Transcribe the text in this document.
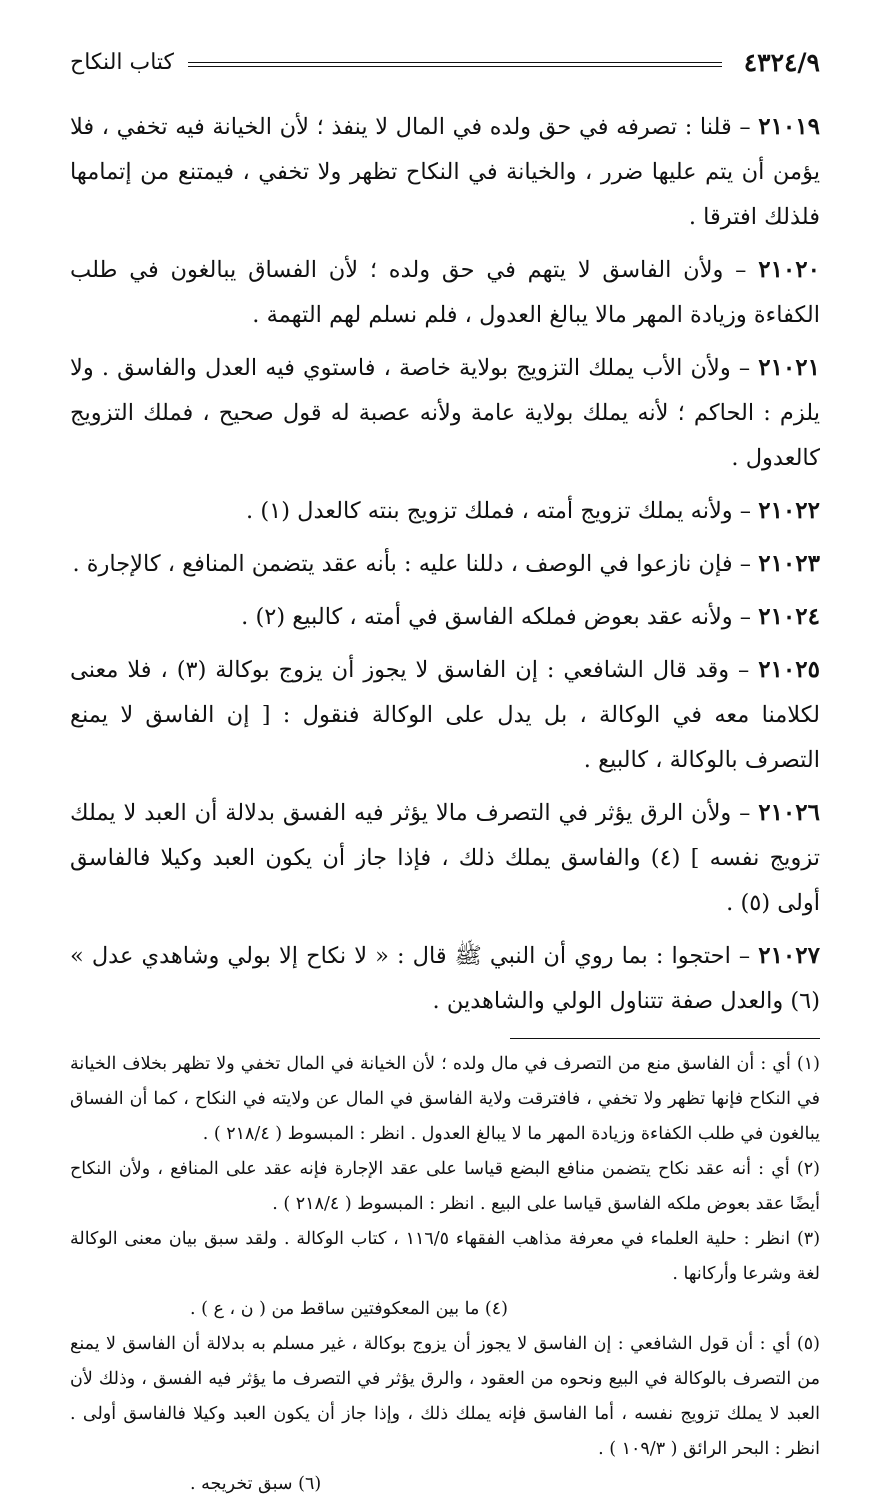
٤٣٢٤/٩
كتاب النكاح

٢١٠١٩ – قلنا : تصرفه في حق ولده في المال لا ينفذ ؛ لأن الخيانة فيه تخفي ، فلا يؤمن أن يتم عليها ضرر ، والخيانة في النكاح تظهر ولا تخفي ، فيمتنع من إتمامها فلذلك افترقا .

٢١٠٢٠ – ولأن الفاسق لا يتهم في حق ولده ؛ لأن الفساق يبالغون في طلب الكفاءة وزيادة المهر مالا يبالغ العدول ، فلم نسلم لهم التهمة .

٢١٠٢١ – ولأن الأب يملك التزويج بولاية خاصة ، فاستوي فيه العدل والفاسق . ولا يلزم : الحاكم ؛ لأنه يملك بولاية عامة ولأنه عصبة له قول صحيح ، فملك التزويج كالعدول .

٢١٠٢٢ – ولأنه يملك تزويج أمته ، فملك تزويج بنته كالعدل (١) .

٢١٠٢٣ – فإن نازعوا في الوصف ، دللنا عليه : بأنه عقد يتضمن المنافع ، كالإجارة .

٢١٠٢٤ – ولأنه عقد بعوض فملكه الفاسق في أمته ، كالبيع (٢) .

٢١٠٢٥ – وقد قال الشافعي : إن الفاسق لا يجوز أن يزوج بوكالة (٣) ، فلا معنى لكلامنا معه في الوكالة ، بل يدل على الوكالة فنقول : [ إن الفاسق لا يمنع التصرف بالوكالة ، كالبيع .

٢١٠٢٦ – ولأن الرق يؤثر في التصرف مالا يؤثر فيه الفسق بدلالة أن العبد لا يملك تزويج نفسه ] (٤) والفاسق يملك ذلك ، فإذا جاز أن يكون العبد وكيلا فالفاسق أولى (٥) .

٢١٠٢٧ – احتجوا : بما روي أن النبي ﷺ قال : « لا نكاح إلا بولي وشاهدي عدل » (٦) والعدل صفة تتناول الولي والشاهدين .

(١) أي : أن الفاسق منع من التصرف في مال ولده ؛ لأن الخيانة في المال تخفي ولا تظهر بخلاف الخيانة في النكاح فإنها تظهر ولا تخفي ، فافترقت ولاية الفاسق في المال عن ولايته في النكاح ، كما أن الفساق يبالغون في طلب الكفاءة وزيادة المهر ما لا يبالغ العدول . انظر : المبسوط ( ٢١٨/٤ ) .

(٢) أي : أنه عقد نكاح يتضمن منافع البضع قياسا على عقد الإجارة فإنه عقد على المنافع ، ولأن النكاح أيضًا عقد بعوض ملكه الفاسق قياسا على البيع . انظر : المبسوط ( ٢١٨/٤ ) .

(٣) انظر : حلية العلماء في معرفة مذاهب الفقهاء ١١٦/٥ ، كتاب الوكالة . ولقد سبق بيان معنى الوكالة لغة وشرعا وأركانها .

(٤) ما بين المعكوفتين ساقط من ( ن ، ع ) .

(٥) أي : أن قول الشافعي : إن الفاسق لا يجوز أن يزوج بوكالة ، غير مسلم به بدلالة أن الفاسق لا يمنع من التصرف بالوكالة في البيع ونحوه من العقود ، والرق يؤثر في التصرف ما يؤثر فيه الفسق ، وذلك لأن العبد لا يملك تزويج نفسه ، أما الفاسق فإنه يملك ذلك ، وإذا جاز أن يكون العبد وكيلا فالفاسق أولى . انظر : البحر الرائق ( ١٠٩/٣ ) .

(٦) سبق تخريجه .
